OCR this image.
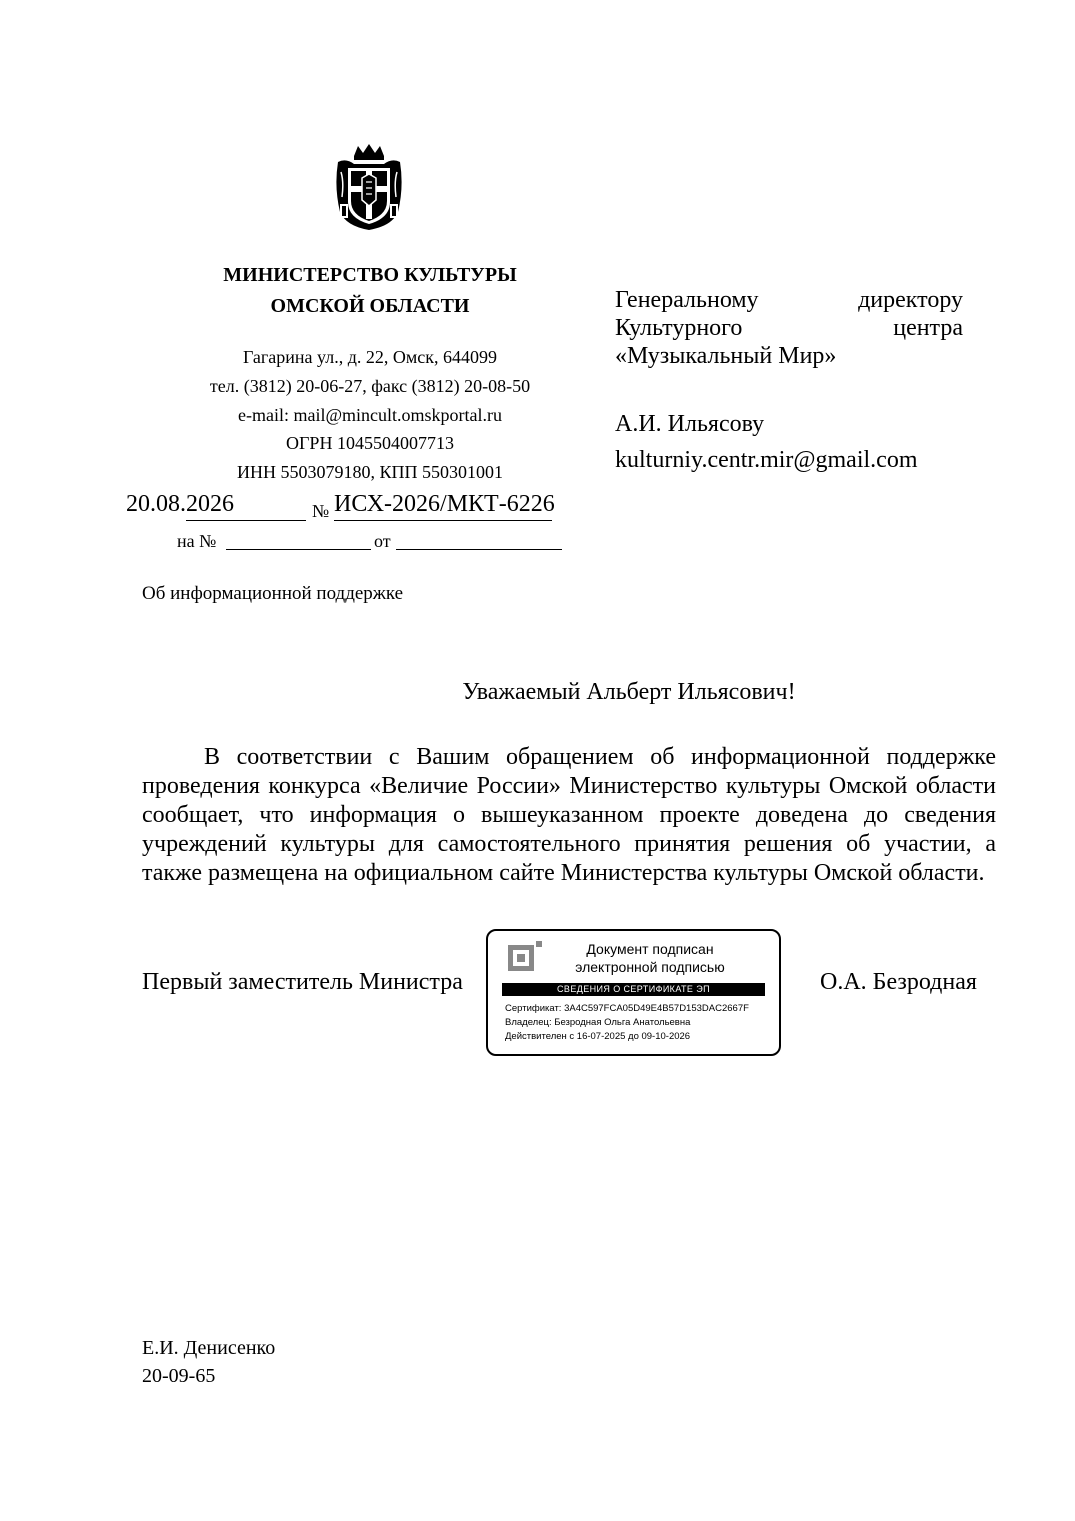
МИНИСТЕРСТВО КУЛЬТУРЫ
ОМСКОЙ ОБЛАСТИ
Гагарина ул., д. 22, Омск, 644099
тел. (3812) 20-06-27, факс (3812) 20-08-50
e-mail: mail@mincult.omskportal.ru
ОГРН 1045504007713
ИНН 5503079180, КПП 550301001
20.08.2026	№ ИСХ-2026/МКТ-6226
на №	от
Генеральному	директору
Культурного	центра
«Музыкальный Мир»
А.И. Ильясову
kulturniy.centr.mir@gmail.com
Об информационной поддержке
Уважаемый Альберт Ильясович!
В соответствии с Вашим обращением об информационной поддержке проведения конкурса «Величие России» Министерство культуры Омской области сообщает, что информация о вышеуказанном проекте доведена до сведения учреждений культуры для самостоятельного принятия решения об участии, а также размещена на официальном сайте Министерства культуры Омской области.
Первый заместитель Министра
Документ подписан
электронной подписью
СВЕДЕНИЯ О СЕРТИФИКАТЕ ЭП
Сертификат: 3A4C597FCA05D49E4B57D153DAC2667F
Владелец: Безродная Ольга Анатольевна
Действителен с 16-07-2025 до 09-10-2026
О.А. Безродная
Е.И. Денисенко
20-09-65
